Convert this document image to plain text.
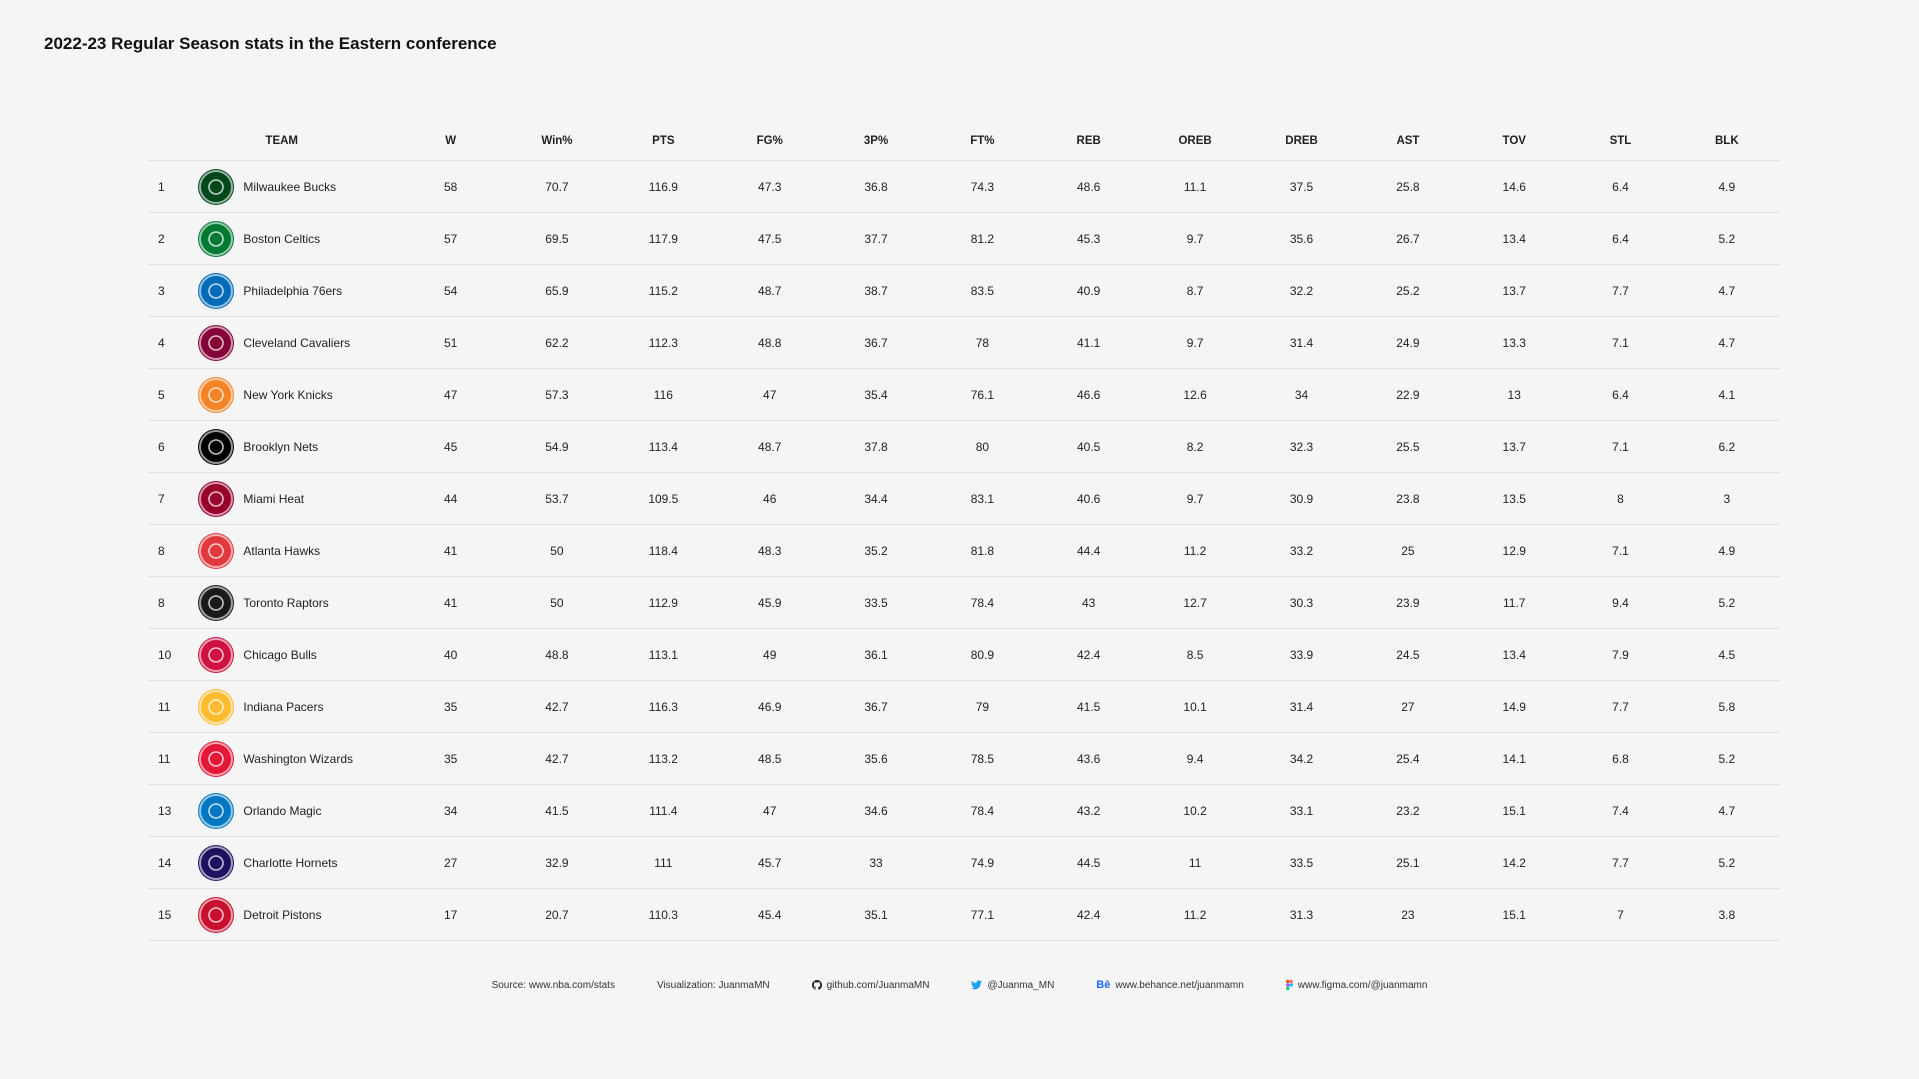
2022-23 Regular Season stats in the Eastern conference
	TEAM	W	Win%	PTS	FG%	3P%	FT%	REB	OREB	DREB	AST	TOV	STL	BLK
1	Milwaukee Bucks	58	70.7	116.9	47.3	36.8	74.3	48.6	11.1	37.5	25.8	14.6	6.4	4.9
2	Boston Celtics	57	69.5	117.9	47.5	37.7	81.2	45.3	9.7	35.6	26.7	13.4	6.4	5.2
3	Philadelphia 76ers	54	65.9	115.2	48.7	38.7	83.5	40.9	8.7	32.2	25.2	13.7	7.7	4.7
4	Cleveland Cavaliers	51	62.2	112.3	48.8	36.7	78	41.1	9.7	31.4	24.9	13.3	7.1	4.7
5	New York Knicks	47	57.3	116	47	35.4	76.1	46.6	12.6	34	22.9	13	6.4	4.1
6	Brooklyn Nets	45	54.9	113.4	48.7	37.8	80	40.5	8.2	32.3	25.5	13.7	7.1	6.2
7	Miami Heat	44	53.7	109.5	46	34.4	83.1	40.6	9.7	30.9	23.8	13.5	8	3
8	Atlanta Hawks	41	50	118.4	48.3	35.2	81.8	44.4	11.2	33.2	25	12.9	7.1	4.9
8	Toronto Raptors	41	50	112.9	45.9	33.5	78.4	43	12.7	30.3	23.9	11.7	9.4	5.2
10	Chicago Bulls	40	48.8	113.1	49	36.1	80.9	42.4	8.5	33.9	24.5	13.4	7.9	4.5
11	Indiana Pacers	35	42.7	116.3	46.9	36.7	79	41.5	10.1	31.4	27	14.9	7.7	5.8
11	Washington Wizards	35	42.7	113.2	48.5	35.6	78.5	43.6	9.4	34.2	25.4	14.1	6.8	5.2
13	Orlando Magic	34	41.5	111.4	47	34.6	78.4	43.2	10.2	33.1	23.2	15.1	7.4	4.7
14	Charlotte Hornets	27	32.9	111	45.7	33	74.9	44.5	11	33.5	25.1	14.2	7.7	5.2
15	Detroit Pistons	17	20.7	110.3	45.4	35.1	77.1	42.4	11.2	31.3	23	15.1	7	3.8
Source: www.nba.com/stats	Visualization: JuanmaMN	github.com/JuanmaMN	@Juanma_MN	Bē www.behance.net/juanmamn	www.figma.com/@juanmamn
